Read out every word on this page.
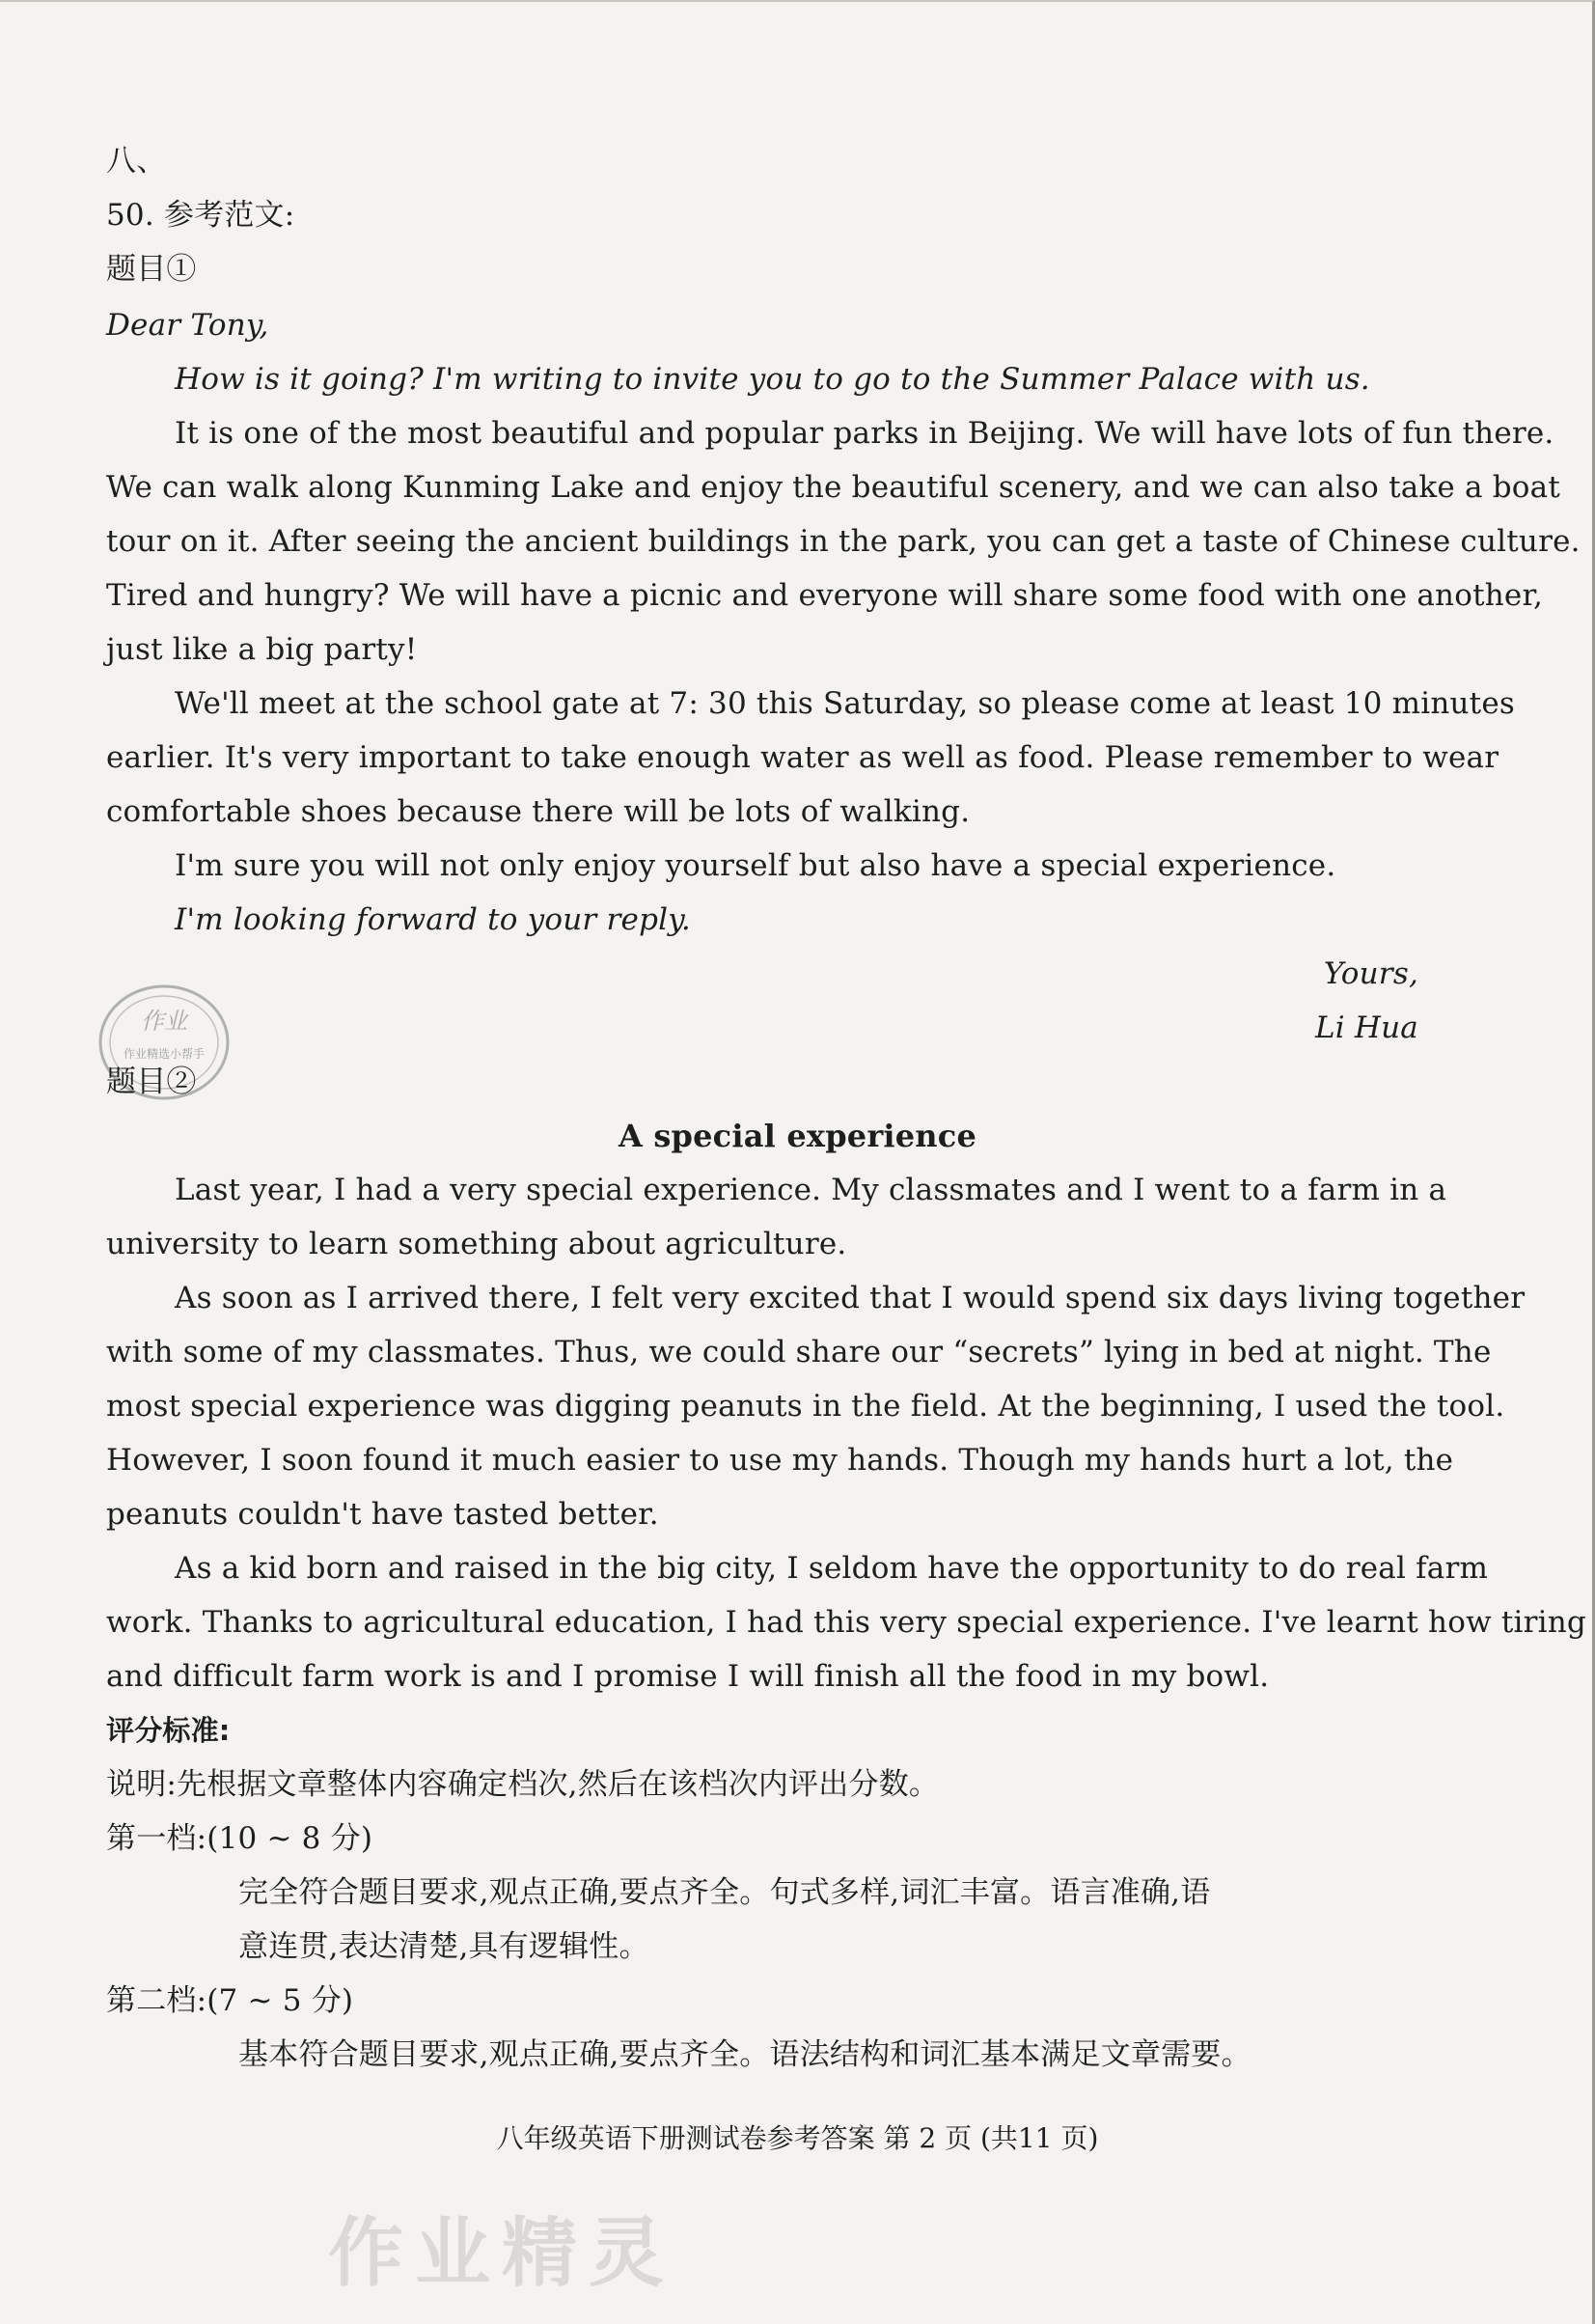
八、
50. 参考范文:
题目①
Dear Tony,
How is it going? I'm writing to invite you to go to the Summer Palace with us.
It is one of the most beautiful and popular parks in Beijing. We will have lots of fun there.
We can walk along Kunming Lake and enjoy the beautiful scenery, and we can also take a boat
tour on it. After seeing the ancient buildings in the park, you can get a taste of Chinese culture.
Tired and hungry? We will have a picnic and everyone will share some food with one another,
just like a big party!
We'll meet at the school gate at 7: 30 this Saturday, so please come at least 10 minutes
earlier. It's very important to take enough water as well as food. Please remember to wear
comfortable shoes because there will be lots of walking.
I'm sure you will not only enjoy yourself but also have a special experience.
I'm looking forward to your reply.
Yours,
Li Hua
作业
作业精选小帮手
题目②
A special experience
Last year, I had a very special experience. My classmates and I went to a farm in a
university to learn something about agriculture.
As soon as I arrived there, I felt very excited that I would spend six days living together
with some of my classmates. Thus, we could share our “secrets” lying in bed at night. The
most special experience was digging peanuts in the field. At the beginning, I used the tool.
However, I soon found it much easier to use my hands. Though my hands hurt a lot, the
peanuts couldn't have tasted better.
As a kid born and raised in the big city, I seldom have the opportunity to do real farm
work. Thanks to agricultural education, I had this very special experience. I've learnt how tiring
and difficult farm work is and I promise I will finish all the food in my bowl.
评分标准:
说明:先根据文章整体内容确定档次,然后在该档次内评出分数。
第一档:(10 ~ 8 分)
完全符合题目要求,观点正确,要点齐全。句式多样,词汇丰富。语言准确,语
意连贯,表达清楚,具有逻辑性。
第二档:(7 ~ 5 分)
基本符合题目要求,观点正确,要点齐全。语法结构和词汇基本满足文章需要。
八年级英语下册测试卷参考答案 第 2 页 (共11 页)
作业精灵
